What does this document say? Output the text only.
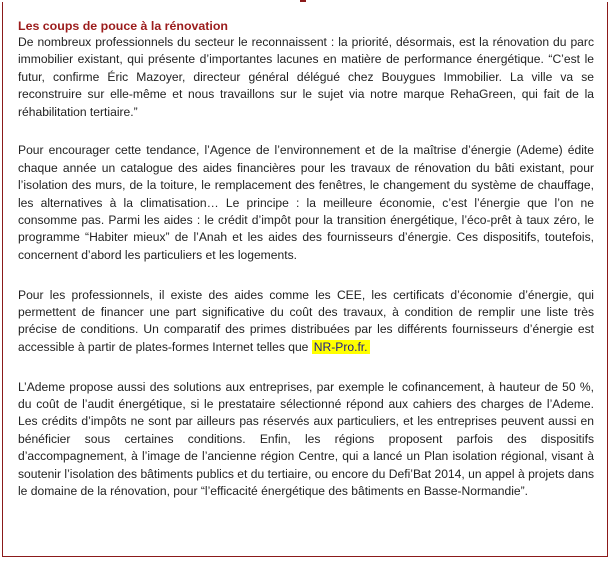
Les coups de pouce à la rénovation

De nombreux professionnels du secteur le reconnaissent : la priorité, désormais, est la rénovation du parc immobilier existant, qui présente d’importantes lacunes en matière de performance énergétique. “C’est le futur, confirme Éric Mazoyer, directeur général délégué chez Bouygues Immobilier. La ville va se reconstruire sur elle-même et nous travaillons sur le sujet via notre marque RehaGreen, qui fait de la réhabilitation tertiaire.”

Pour encourager cette tendance, l’Agence de l’environnement et de la maîtrise d’énergie (Ademe) édite chaque année un catalogue des aides financières pour les travaux de rénovation du bâti existant, pour l’isolation des murs, de la toiture, le remplacement des fenêtres, le changement du système de chauffage, les alternatives à la climatisation… Le principe : la meilleure économie, c’est l’énergie que l’on ne consomme pas. Parmi les aides : le crédit d’impôt pour la transition énergétique, l’éco-prêt à taux zéro, le programme “Habiter mieux” de l’Anah et les aides des fournisseurs d’énergie. Ces dispositifs, toutefois, concernent d’abord les particuliers et les logements.

Pour les professionnels, il existe des aides comme les CEE, les certificats d’économie d’énergie, qui permettent de financer une part significative du coût des travaux, à condition de remplir une liste très précise de conditions. Un comparatif des primes distribuées par les différents fournisseurs d’énergie est accessible à partir de plates-formes Internet telles que NR-Pro.fr.

L’Ademe propose aussi des solutions aux entreprises, par exemple le cofinancement, à hauteur de 50 %, du coût de l’audit énergétique, si le prestataire sélectionné répond aux cahiers des charges de l’Ademe. Les crédits d’impôts ne sont par ailleurs pas réservés aux particuliers, et les entreprises peuvent aussi en bénéficier sous certaines conditions. Enfin, les régions proposent parfois des dispositifs d’accompagnement, à l’image de l’ancienne région Centre, qui a lancé un Plan isolation régional, visant à soutenir l’isolation des bâtiments publics et du tertiaire, ou encore du Defi’Bat 2014, un appel à projets dans le domaine de la rénovation, pour “l’efficacité énergétique des bâtiments en Basse-Normandie”.
